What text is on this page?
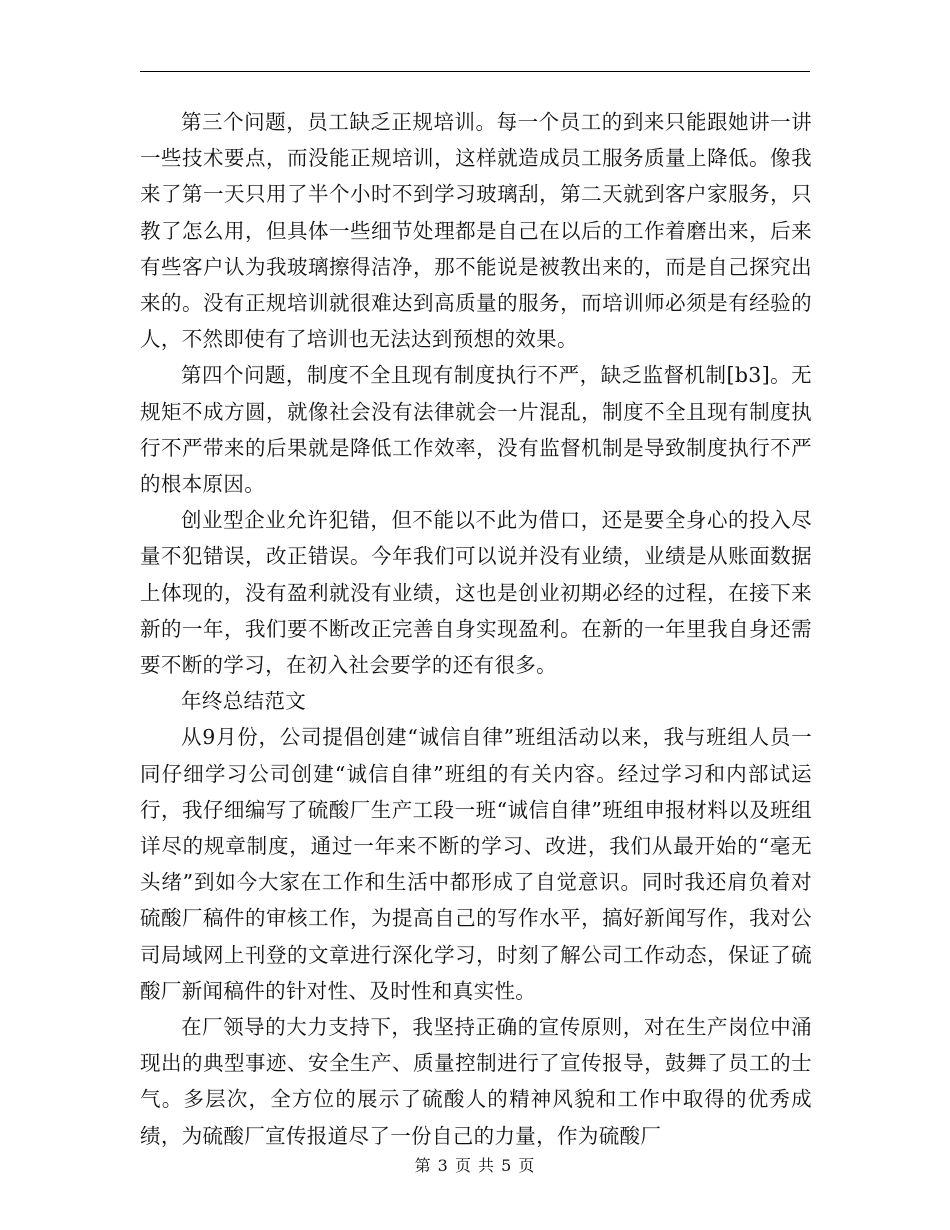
第三个问题，员工缺乏正规培训。每一个员工的到来只能跟她讲一讲一些技术要点，而没能正规培训，这样就造成员工服务质量上降低。像我来了第一天只用了半个小时不到学习玻璃刮，第二天就到客户家服务，只教了怎么用，但具体一些细节处理都是自己在以后的工作着磨出来，后来有些客户认为我玻璃擦得洁净，那不能说是被教出来的，而是自己探究出来的。没有正规培训就很难达到高质量的服务，而培训师必须是有经验的人，不然即使有了培训也无法达到预想的效果。

第四个问题，制度不全且现有制度执行不严，缺乏监督机制[b3]。无规矩不成方圆，就像社会没有法律就会一片混乱，制度不全且现有制度执行不严带来的后果就是降低工作效率，没有监督机制是导致制度执行不严的根本原因。

创业型企业允许犯错，但不能以不此为借口，还是要全身心的投入尽量不犯错误，改正错误。今年我们可以说并没有业绩，业绩是从账面数据上体现的，没有盈利就没有业绩，这也是创业初期必经的过程，在接下来新的一年，我们要不断改正完善自身实现盈利。在新的一年里我自身还需要不断的学习，在初入社会要学的还有很多。

年终总结范文

从9月份，公司提倡创建“诚信自律”班组活动以来，我与班组人员一同仔细学习公司创建“诚信自律”班组的有关内容。经过学习和内部试运行，我仔细编写了硫酸厂生产工段一班“诚信自律”班组申报材料以及班组详尽的规章制度，通过一年来不断的学习、改进，我们从最开始的“毫无头绪”到如今大家在工作和生活中都形成了自觉意识。同时我还肩负着对硫酸厂稿件的审核工作，为提高自己的写作水平，搞好新闻写作，我对公司局域网上刊登的文章进行深化学习，时刻了解公司工作动态，保证了硫酸厂新闻稿件的针对性、及时性和真实性。

在厂领导的大力支持下，我坚持正确的宣传原则，对在生产岗位中涌现出的典型事迹、安全生产、质量控制进行了宣传报导，鼓舞了员工的士气。多层次，全方位的展示了硫酸人的精神风貌和工作中取得的优秀成绩，为硫酸厂宣传报道尽了一份自己的力量，作为硫酸厂

第 3 页 共 5 页
